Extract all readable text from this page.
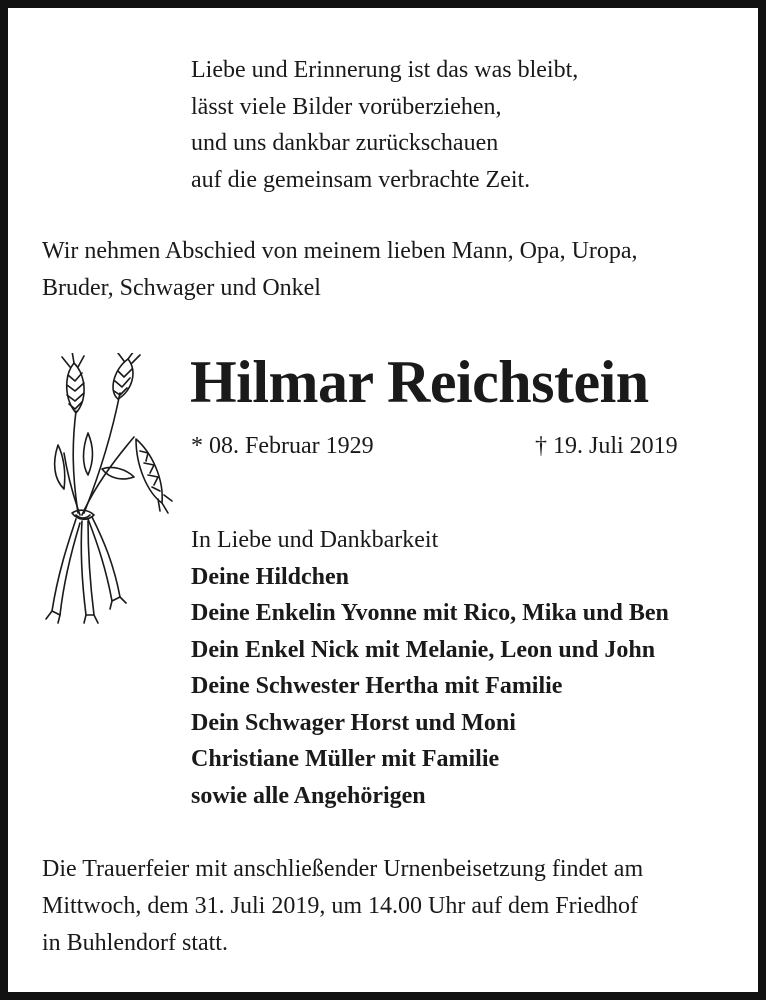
Liebe und Erinnerung ist das was bleibt,
lässt viele Bilder vorüberziehen,
und uns dankbar zurückschauen
auf die gemeinsam verbrachte Zeit.
Wir nehmen Abschied von meinem lieben Mann, Opa, Uropa,
Bruder, Schwager und Onkel
Hilmar Reichstein
* 08. Februar 1929	† 19. Juli 2019
In Liebe und Dankbarkeit
Deine Hildchen
Deine Enkelin Yvonne mit Rico, Mika und Ben
Dein Enkel Nick mit Melanie, Leon und John
Deine Schwester Hertha mit Familie
Dein Schwager Horst und Moni
Christiane Müller mit Familie
sowie alle Angehörigen
Die Trauerfeier mit anschließender Urnenbeisetzung findet am
Mittwoch, dem 31. Juli 2019, um 14.00 Uhr auf dem Friedhof
in Buhlendorf statt.
